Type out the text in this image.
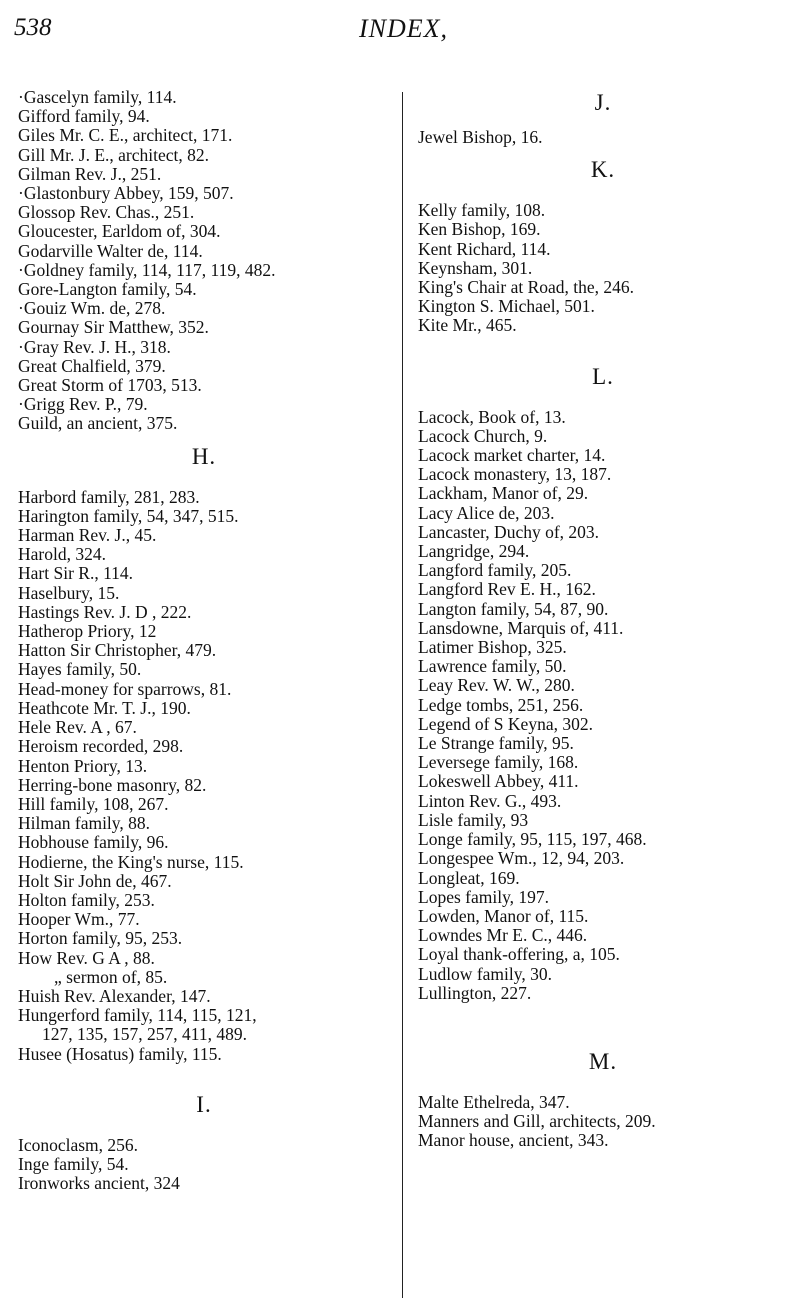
538	INDEX,
·Gascelyn family, 114.
Gifford family, 94.
Giles Mr. C. E., architect, 171.
Gill Mr. J. E., architect, 82.
Gilman Rev. J., 251.
·Glastonbury Abbey, 159, 507.
Glossop Rev. Chas., 251.
Gloucester, Earldom of, 304.
Godarville Walter de, 114.
·Goldney family, 114, 117, 119, 482.
Gore-Langton family, 54.
·Gouiz Wm. de, 278.
Gournay Sir Matthew, 352.
·Gray Rev. J. H., 318.
Great Chalfield, 379.
Great Storm of 1703, 513.
·Grigg Rev. P., 79.
Guild, an ancient, 375.
H.
Harbord family, 281, 283.
Harington family, 54, 347, 515.
Harman Rev. J., 45.
Harold, 324.
Hart Sir R., 114.
Haselbury, 15.
Hastings Rev. J. D , 222.
Hatherop Priory, 12
Hatton Sir Christopher, 479.
Hayes family, 50.
Head-money for sparrows, 81.
Heathcote Mr. T. J., 190.
Hele Rev. A , 67.
Heroism recorded, 298.
Henton Priory, 13.
Herring-bone masonry, 82.
Hill family, 108, 267.
Hilman family, 88.
Hobhouse family, 96.
Hodierne, the King's nurse, 115.
Holt Sir John de, 467.
Holton family, 253.
Hooper Wm., 77.
Horton family, 95, 253.
How Rev. G A , 88.
„ sermon of, 85.
Huish Rev. Alexander, 147.
Hungerford family, 114, 115, 121,
127, 135, 157, 257, 411, 489.
Husee (Hosatus) family, 115.
I.
Iconoclasm, 256.
Inge family, 54.
Ironworks ancient, 324
J.
Jewel Bishop, 16.
K.
Kelly family, 108.
Ken Bishop, 169.
Kent Richard, 114.
Keynsham, 301.
King's Chair at Road, the, 246.
Kington S. Michael, 501.
Kite Mr., 465.
L.
Lacock, Book of, 13.
Lacock Church, 9.
Lacock market charter, 14.
Lacock monastery, 13, 187.
Lackham, Manor of, 29.
Lacy Alice de, 203.
Lancaster, Duchy of, 203.
Langridge, 294.
Langford family, 205.
Langford Rev E. H., 162.
Langton family, 54, 87, 90.
Lansdowne, Marquis of, 411.
Latimer Bishop, 325.
Lawrence family, 50.
Leay Rev. W. W., 280.
Ledge tombs, 251, 256.
Legend of S Keyna, 302.
Le Strange family, 95.
Leversege family, 168.
Lokeswell Abbey, 411.
Linton Rev. G., 493.
Lisle family, 93
Longe family, 95, 115, 197, 468.
Longespee Wm., 12, 94, 203.
Longleat, 169.
Lopes family, 197.
Lowden, Manor of, 115.
Lowndes Mr E. C., 446.
Loyal thank-offering, a, 105.
Ludlow family, 30.
Lullington, 227.
M.
Malte Ethelreda, 347.
Manners and Gill, architects, 209.
Manor house, ancient, 343.
